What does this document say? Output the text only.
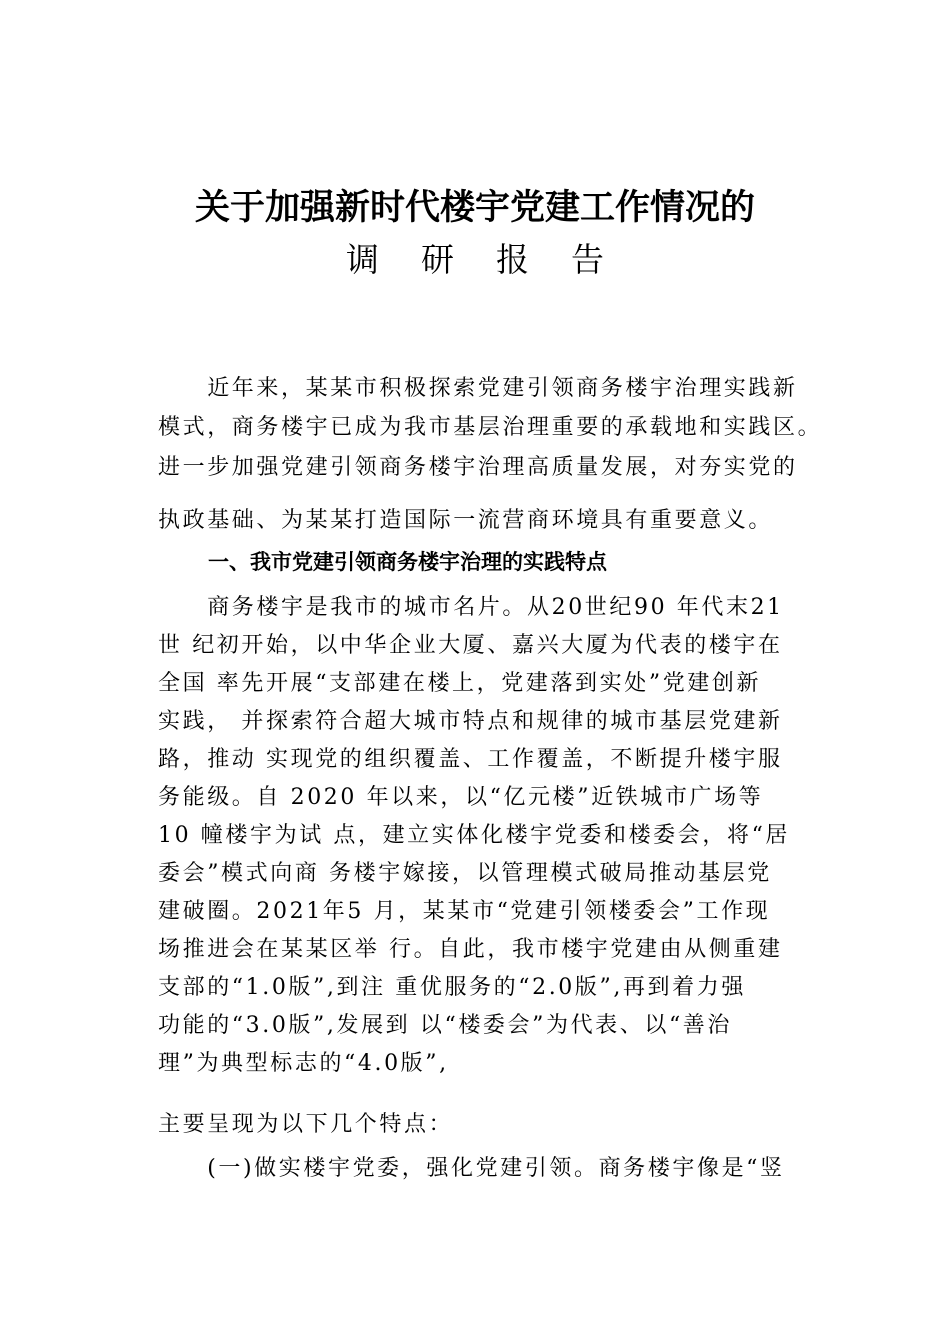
关于加强新时代楼宇党建工作情况的
调研报告

　　近年来，某某市积极探索党建引领商务楼宇治理实践新

模式，商务楼宇已成为我市基层治理重要的承载地和实践区。

进一步加强党建引领商务楼宇治理高质量发展，对夯实党的

执政基础、为某某打造国际一流营商环境具有重要意义。

一、我市党建引领商务楼宇治理的实践特点

　　商务楼宇是我市的城市名片。从20世纪90 年代末21

世 纪初开始，以中华企业大厦、嘉兴大厦为代表的楼宇在

全国 率先开展“支部建在楼上，党建落到实处”党建创新

实践， 并探索符合超大城市特点和规律的城市基层党建新

路，推动 实现党的组织覆盖、工作覆盖，不断提升楼宇服

务能级。自 2020 年以来，以“亿元楼”近铁城市广场等

10 幢楼宇为试 点，建立实体化楼宇党委和楼委会，将“居

委会”模式向商 务楼宇嫁接，以管理模式破局推动基层党

建破圈。2021年5 月，某某市“党建引领楼委会”工作现

场推进会在某某区举 行。自此，我市楼宇党建由从侧重建

支部的“1.0版”,到注 重优服务的“2.0版”,再到着力强

功能的“3.0版”,发展到 以“楼委会”为代表、以“善治

理”为典型标志的“4.0版”,

主要呈现为以下几个特点：

　　(一)做实楼宇党委，强化党建引领。商务楼宇像是“竖
